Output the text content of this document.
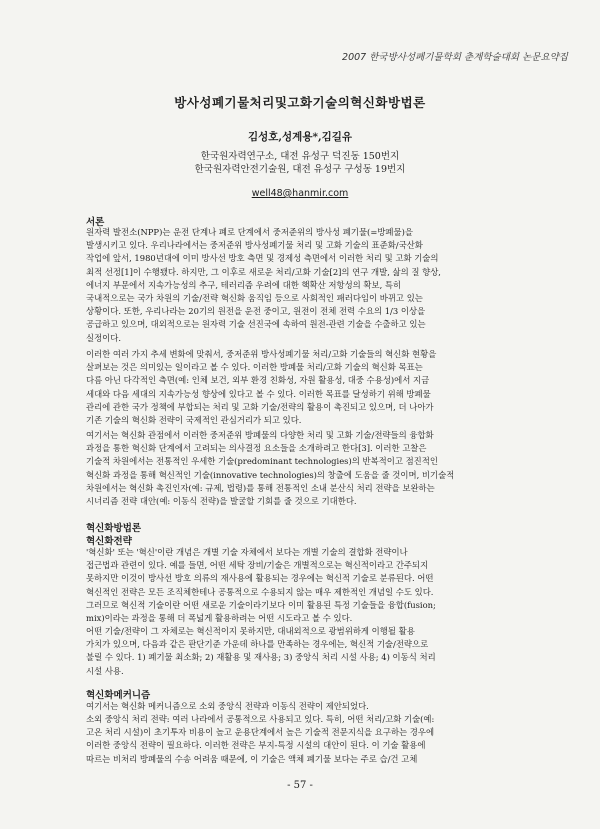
2007 한국방사성폐기물학회 춘계학술대회 논문요약집
방사성폐기물처리및고화기술의혁신화방법론
김성호,성계용*,김길유
한국원자력연구소, 대전 유성구 덕진동 150번지
한국원자력안전기술원, 대전 유성구 구성동 19번지
well48@hanmir.com
서론
원자력 발전소(NPP)는 운전 단계나 폐로 단계에서 중저준위의 방사성 폐기물(=방폐물)을
발생시키고 있다. 우리나라에서는 중저준위 방사성폐기물 처리 및 고화 기술의 표준화/국산화
작업에 앞서, 1980년대에 이미 방사선 방호 측면 및 경제성 측면에서 이러한 처리 및 고화 기술의
최적 선정[1]이 수행됐다. 하지만, 그 이후로 새로운 처리/고화 기술[2]의 연구 개발, 삶의 질 향상,
에너지 부문에서 지속가능성의 추구, 테러리즘 우려에 대한 핵확산 저항성의 확보, 특히
국내적으로는 국가 차원의 기술/전략 혁신화 움직임 등으로 사회적인 패러다임이 바뀌고 있는
상황이다. 또한, 우리나라는 20기의 원전을 운전 중이고, 원전이 전체 전력 수요의 1/3 이상을
공급하고 있으며, 대외적으로는 원자력 기술 선진국에 속하여 원전-관련 기술을 수출하고 있는
실정이다.
이러한 여러 가지 추세 변화에 맞춰서, 중저준위 방사성폐기물 처리/고화 기술들의 혁신화 현황을
살펴보는 것은 의미있는 일이라고 볼 수 있다. 이러한 방폐물 처리/고화 기술의 혁신화 목표는
다름 아닌 다각적인 측면(예: 인체 보건, 외부 환경 친화성, 자원 활용성, 대중 수용성)에서 지금
세대와 다음 세대의 지속가능성 향상에 있다고 볼 수 있다. 이러한 목표를 달성하기 위해 방폐물
관리에 관한 국가 정책에 부합되는 처리 및 고화 기술/전략의 활용이 촉진되고 있으며, 더 나아가
기존 기술의 혁신화 전략이 국제적인 관심거리가 되고 있다.
여기서는 혁신화 관점에서 이러한 중저준위 방폐물의 다양한 처리 및 고화 기술/전략들의 융합화
과정을 통한 혁신화 단계에서 고려되는 의사결정 요소들을 소개하려고 한다[3]. 이러한 고찰은
기술적 차원에서는 전통적인 우세한 기술(predominant technologies)의 반복적이고 점진적인
혁신화 과정을 통해 혁신적인 기술(innovative technologies)의 창출에 도움을 줄 것이며, 비기술적
차원에서는 혁신화 촉진인자(예: 규제, 법령)를 통해 전통적인 소내 분산식 처리 전략을 보완하는
시너리즘 전략 대안(예: 이동식 전략)을 발굴할 기회를 줄 것으로 기대한다.
혁신화방법론
혁신화전략
'혁신화' 또는 '혁신'이란 개념은 개별 기술 자체에서 보다는 개별 기술의 결합화 전략이나
접근법과 관련이 있다. 예를 들면, 어떤 세탁 장비/기술은 개별적으로는 혁신적이라고 간주되지
못하지만 이것이 방사선 방호 의류의 재사용에 활용되는 경우에는 혁신적 기술로 분류된다. 어떤
혁신적인 전략은 모든 조직체한테나 공통적으로 수용되지 않는 매우 제한적인 개념일 수도 있다.
그러므로 혁신적 기술이란 어떤 새로운 기술이라기보다 이미 활용된 특정 기술들을 융합(fusion;
mix)이라는 과정을 통해 더 폭넓게 활용하려는 어떤 시도라고 볼 수 있다.
어떤 기술/전략이 그 자체로는 혁신적이지 못하지만, 대내외적으로 광범위하게 이행될 활용
가치가 있으며, 다음과 같은 판단기준 가운데 하나를 만족하는 경우에는, 혁신적 기술/전략으로
불릴 수 있다. 1) 폐기물 최소화; 2) 재활용 및 재사용; 3) 중앙식 처리 시설 사용; 4) 이동식 처리
시설 사용.
혁신화메커니즘
여기서는 혁신화 메커니즘으로 소외 중앙식 전략과 이동식 전략이 제안되었다.
소외 중앙식 처리 전략: 여러 나라에서 공통적으로 사용되고 있다. 특히, 어떤 처리/고화 기술(예:
고온 처리 시설)이 초기투자 비용이 높고 운용단계에서 높은 기술적 전문지식을 요구하는 경우에
이러한 중앙식 전략이 필요하다. 이러한 전략은 부지-특정 시설의 대안이 된다. 이 기술 활용에
따르는 비처리 방폐물의 수송 어려움 때문에, 이 기술은 액체 폐기물 보다는 주로 습/건 고체
- 57 -
